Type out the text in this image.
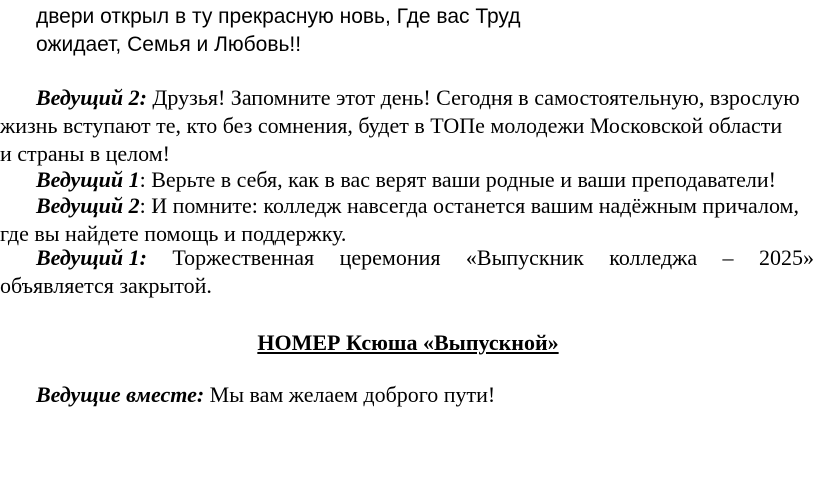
двери открыл в ту прекрасную новь, Где вас Труд
ожидает, Семья и Любовь!!
Ведущий 2: Друзья! Запомните этот день! Сегодня в самостоятельную, взрослую
жизнь вступают те, кто без сомнения, будет в ТОПе молодежи Московской области
и страны в целом!
Ведущий 1: Верьте в себя, как в вас верят ваши родные и ваши преподаватели!
Ведущий 2: И помните: колледж навсегда останется вашим надёжным причалом,
где вы найдете помощь и поддержку.
Ведущий 1: Торжественная церемония «Выпускник колледжа – 2025»
объявляется закрытой.
НОМЕР Ксюша «Выпускной»
Ведущие вместе: Мы вам желаем доброго пути!
